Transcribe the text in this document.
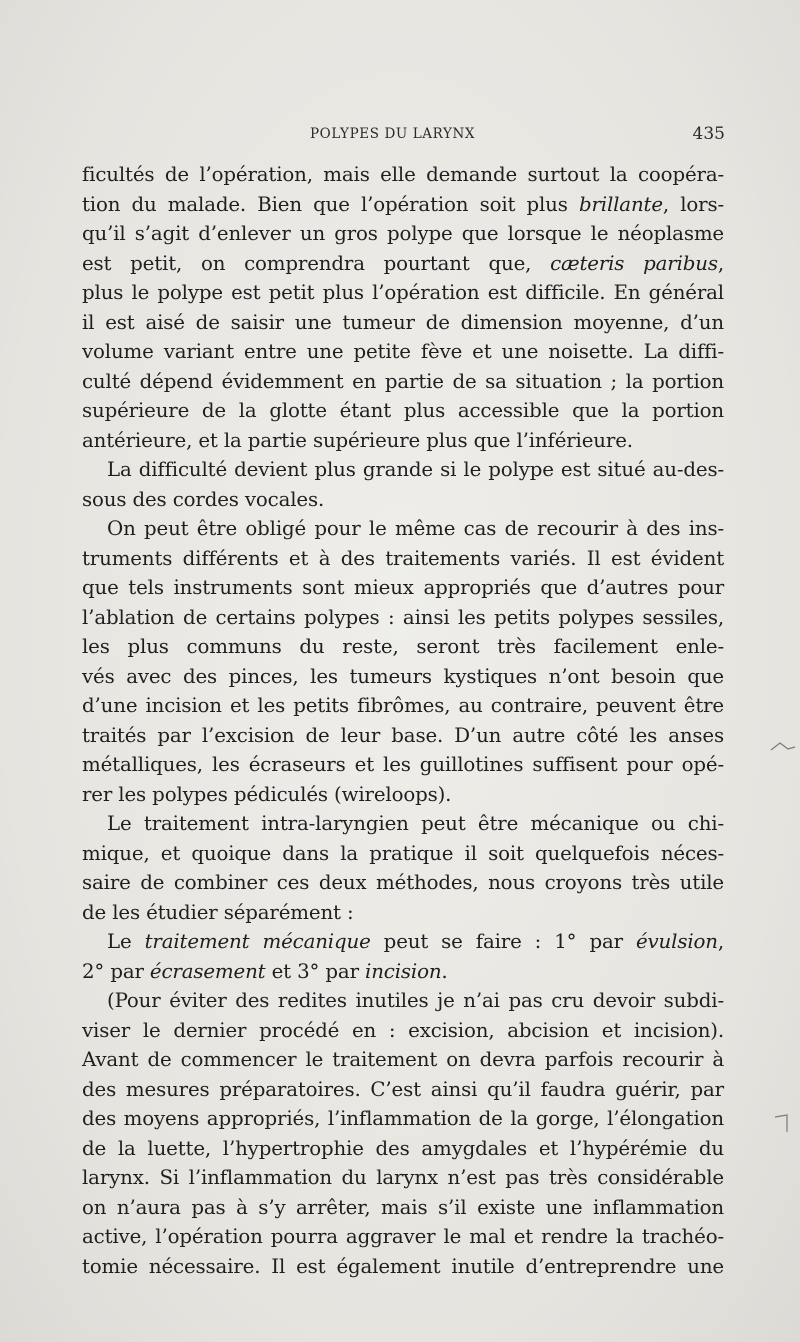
POLYPES DU LARYNX	435
ficultés de l’opération, mais elle demande surtout la coopéra-
tion du malade. Bien que l’opération soit plus brillante, lors-
qu’il s’agit d’enlever un gros polype que lorsque le néoplasme
est petit, on comprendra pourtant que, cæteris paribus,
plus le polype est petit plus l’opération est difficile. En général
il est aisé de saisir une tumeur de dimension moyenne, d’un
volume variant entre une petite fève et une noisette. La diffi-
culté dépend évidemment en partie de sa situation ; la portion
supérieure de la glotte étant plus accessible que la portion
antérieure, et la partie supérieure plus que l’inférieure.
La difficulté devient plus grande si le polype est situé au-des-
sous des cordes vocales.
On peut être obligé pour le même cas de recourir à des ins-
truments différents et à des traitements variés. Il est évident
que tels instruments sont mieux appropriés que d’autres pour
l’ablation de certains polypes : ainsi les petits polypes sessiles,
les plus communs du reste, seront très facilement enle-
vés avec des pinces, les tumeurs kystiques n’ont besoin que
d’une incision et les petits fibrômes, au contraire, peuvent être
traités par l’excision de leur base. D’un autre côté les anses
métalliques, les écraseurs et les guillotines suffisent pour opé-
rer les polypes pédiculés (wireloops).
Le traitement intra-laryngien peut être mécanique ou chi-
mique, et quoique dans la pratique il soit quelquefois néces-
saire de combiner ces deux méthodes, nous croyons très utile
de les étudier séparément :
Le traitement mécanique peut se faire : 1° par évulsion,
2° par écrasement et 3° par incision.
(Pour éviter des redites inutiles je n’ai pas cru devoir subdi-
viser le dernier procédé en : excision, abcision et incision).
Avant de commencer le traitement on devra parfois recourir à
des mesures préparatoires. C’est ainsi qu’il faudra guérir, par
des moyens appropriés, l’inflammation de la gorge, l’élongation
de la luette, l’hypertrophie des amygdales et l’hypérémie du
larynx. Si l’inflammation du larynx n’est pas très considérable
on n’aura pas à s’y arrêter, mais s’il existe une inflammation
active, l’opération pourra aggraver le mal et rendre la trachéo-
tomie nécessaire. Il est également inutile d’entreprendre une
